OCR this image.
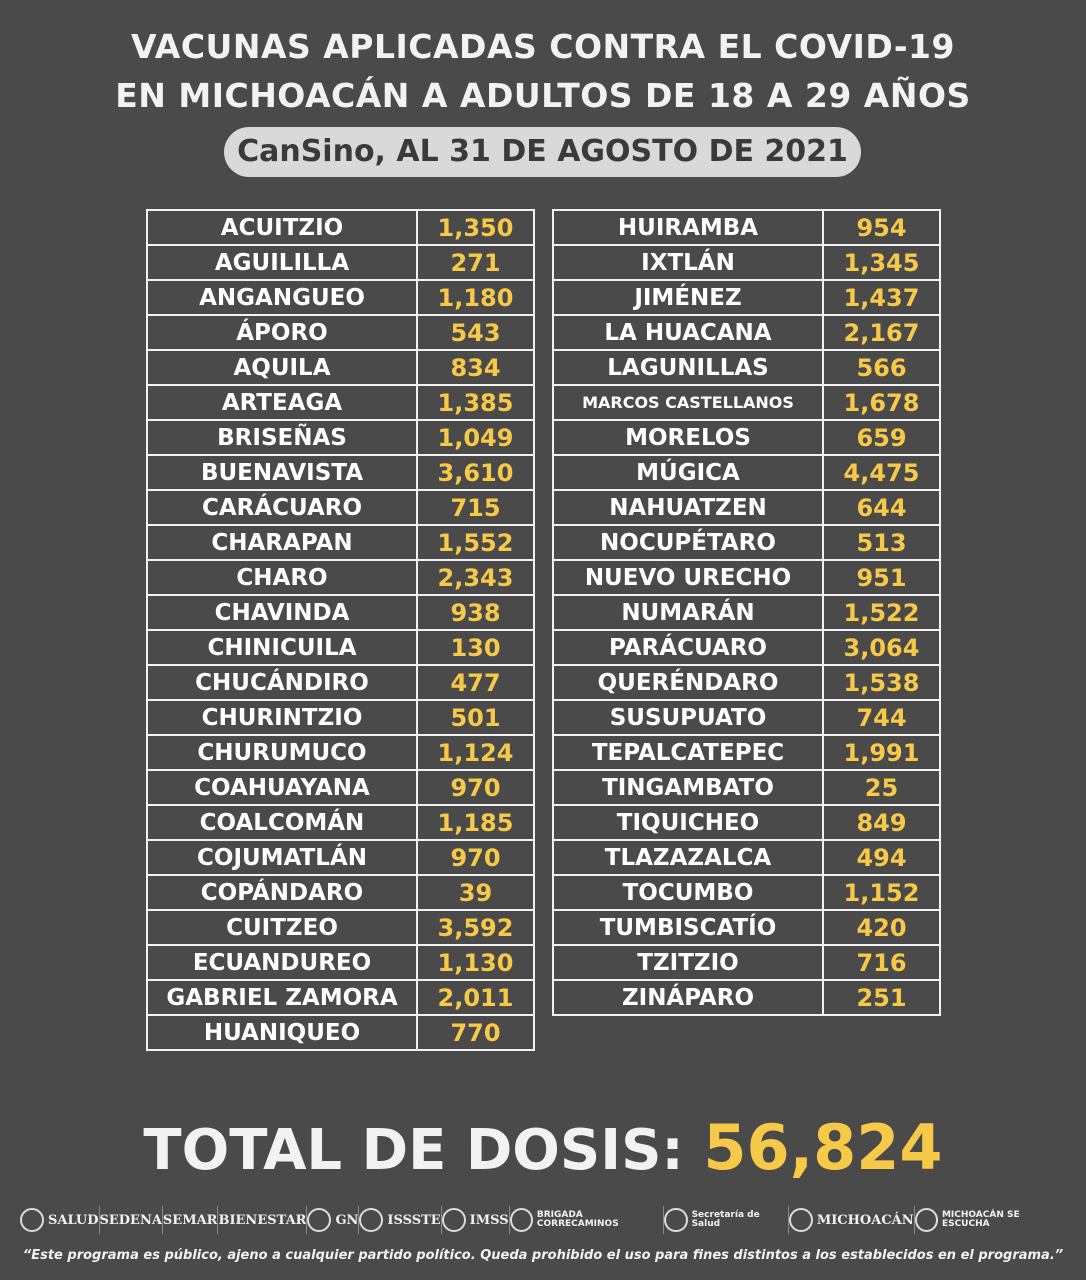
VACUNAS APLICADAS CONTRA EL COVID-19
EN MICHOACÁN A ADULTOS DE 18 A 29 AÑOS
CanSino, AL 31 DE AGOSTO DE 2021
ACUITZIO	1,350
AGUILILLA	271
ANGANGUEO	1,180
ÁPORO	543
AQUILA	834
ARTEAGA	1,385
BRISEÑAS	1,049
BUENAVISTA	3,610
CARÁCUARO	715
CHARAPAN	1,552
CHARO	2,343
CHAVINDA	938
CHINICUILA	130
CHUCÁNDIRO	477
CHURINTZIO	501
CHURUMUCO	1,124
COAHUAYANA	970
COALCOMÁN	1,185
COJUMATLÁN	970
COPÁNDARO	39
CUITZEO	3,592
ECUANDUREO	1,130
GABRIEL ZAMORA	2,011
HUANIQUEO	770
HUIRAMBA	954
IXTLÁN	1,345
JIMÉNEZ	1,437
LA HUACANA	2,167
LAGUNILLAS	566
MARCOS CASTELLANOS	1,678
MORELOS	659
MÚGICA	4,475
NAHUATZEN	644
NOCUPÉTARO	513
NUEVO URECHO	951
NUMARÁN	1,522
PARÁCUARO	3,064
QUERÉNDARO	1,538
SUSUPUATO	744
TEPALCATEPEC	1,991
TINGAMBATO	25
TIQUICHEO	849
TLAZAZALCA	494
TOCUMBO	1,152
TUMBISCATÍO	420
TZITZIO	716
ZINÁPARO	251
TOTAL DE DOSIS: 56,824
SALUD SEDENA SEMAR BIENESTAR GN ISSSTE IMSS	BRIGADA CORRECAMINOS
Secretaría de Salud	MICHOACÁN	MICHOACÁN SE ESCUCHA
“Este programa es público, ajeno a cualquier partido político. Queda prohibido el uso para fines distintos a los establecidos en el programa.”
